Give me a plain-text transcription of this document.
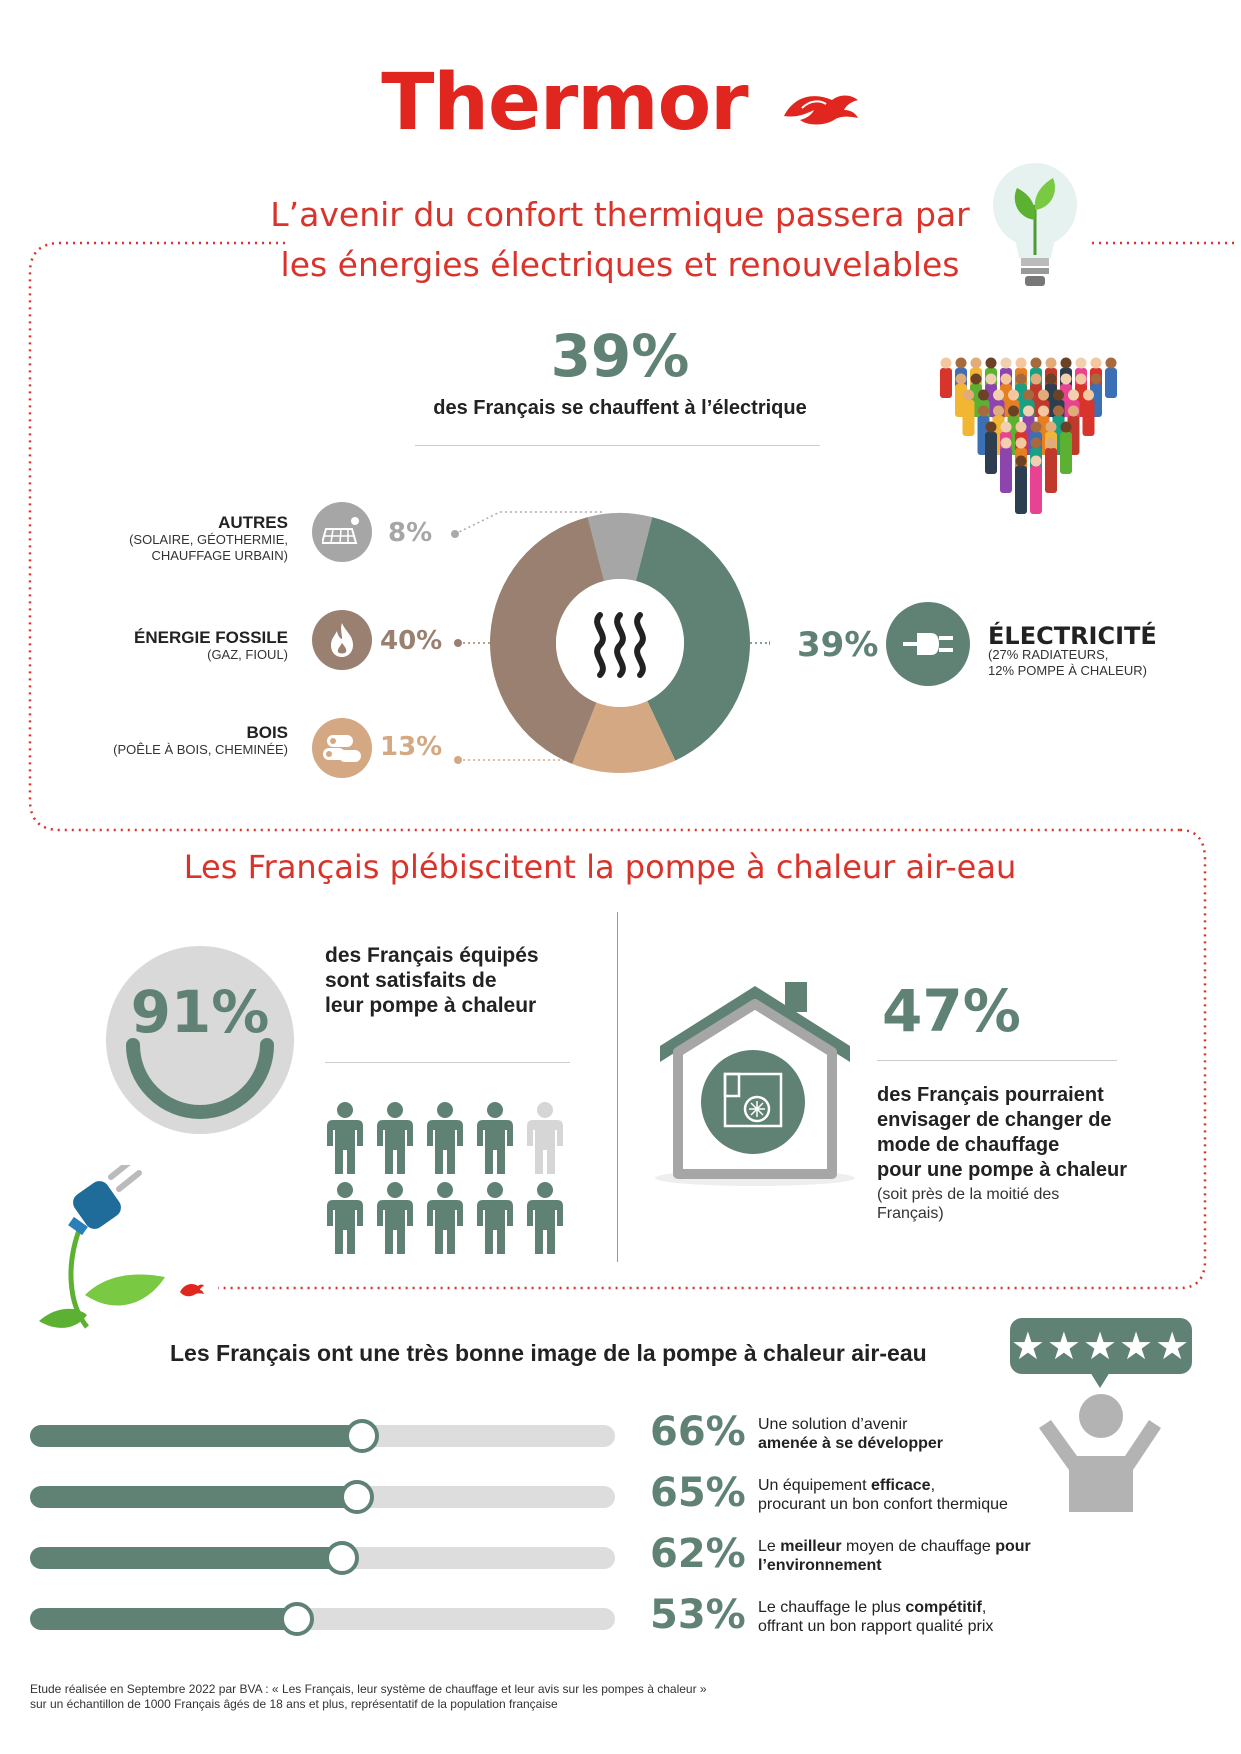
Thermor
L’avenir du confort thermique passera par
les énergies électriques et renouvelables
39%
des Français se chauffent à l’électrique
AUTRES
(SOLAIRE, GÉOTHERMIE,
CHAUFFAGE URBAIN)
8%
ÉNERGIE FOSSILE
(GAZ, FIOUL)	40%
BOIS
(POÊLE À BOIS, CHEMINÉE)	13%
39%	ÉLECTRICITÉ
(27% RADIATEURS,
12% POMPE À CHALEUR)
Les Français plébiscitent la pompe à chaleur air-eau
91%
des Français équipés
sont satisfaits de
leur pompe à chaleur	47%
des Français pourraient
envisager de changer de
mode de chauffage
pour une pompe à chaleur
(soit près de la moitié des
Français)
Les Français ont une très bonne image de la pompe à chaleur air-eau ★★★★★
66% Une solution d’avenir
amenée à se développer
65% Un équipement efficace,
procurant un bon confort thermique
62% Le meilleur moyen de chauffage pour
l’environnement
53% Le chauffage le plus compétitif,
offrant un bon rapport qualité prix
Etude réalisée en Septembre 2022 par BVA : « Les Français, leur système de chauffage et leur avis sur les pompes à chaleur »
sur un échantillon de 1000 Français âgés de 18 ans et plus, représentatif de la population française
